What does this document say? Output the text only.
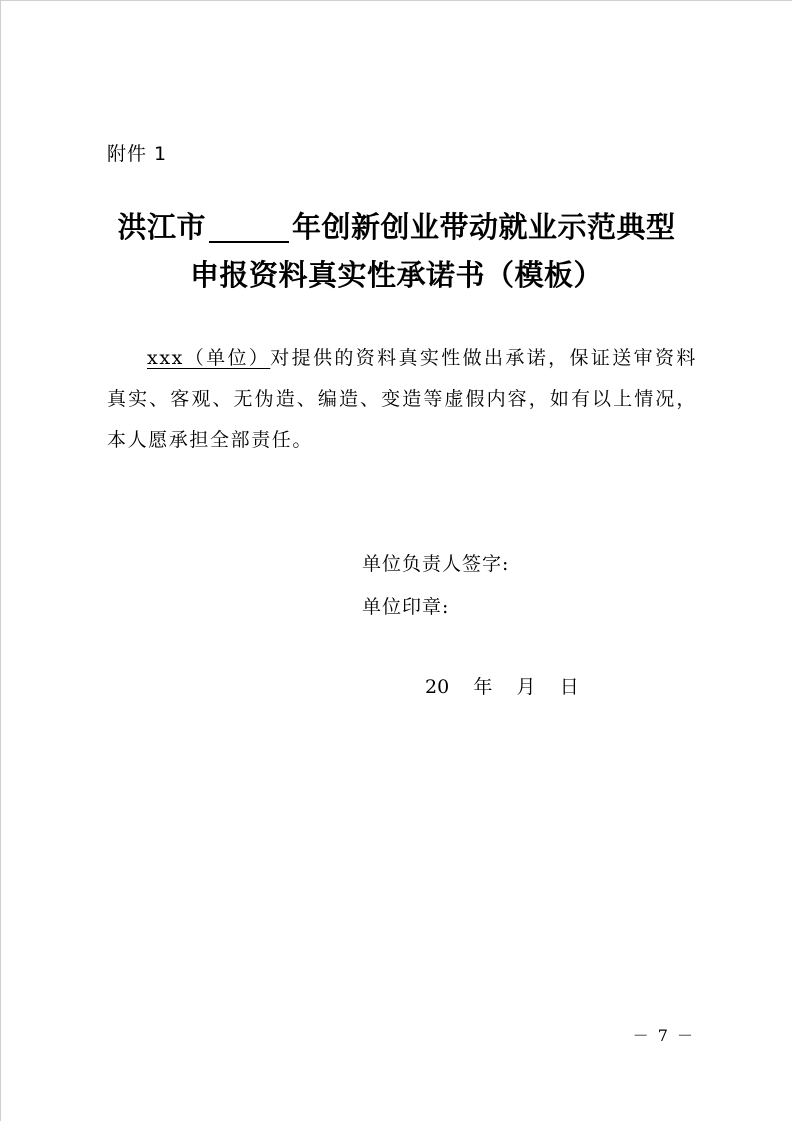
附件 1
洪江市	年创新创业带动就业示范典型
申报资料真实性承诺书（模板）
xxx（单位）对提供的资料真实性做出承诺，保证送审资料真实、客观、无伪造、编造、变造等虚假内容，如有以上情况，本人愿承担全部责任。
单位负责人签字:
单位印章:
20 年 月 日
－ 7 －
